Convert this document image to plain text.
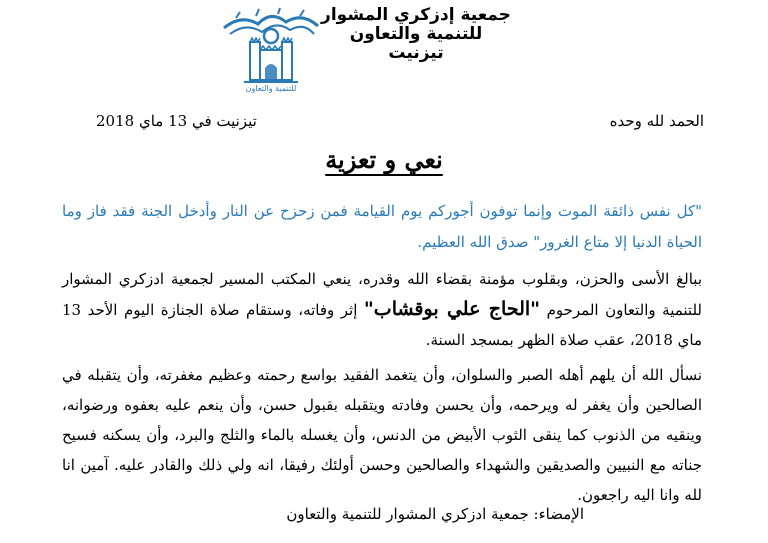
جمعية إدزكري المشوار
للتنمية والتعاون
تيزنيت
للتنمية والتعاون
الحمد لله وحده
تيزنيت في 13 ماي 2018
نعي و تعزية
"كل نفس ذائقة الموت وإنما توفون أجوركم يوم القيامة فمن زحزح عن النار وأدخل الجنة فقد فاز وما الحياة الدنيا إلا متاع الغرور" صدق الله العظيم.
ببالغ الأسى والحزن، وبقلوب مؤمنة بقضاء الله وقدره، ينعي المكتب المسير لجمعية ادزكري المشوار للتنمية والتعاون المرحوم "الحاج علي بوقشاب" إثر وفاته، وستقام صلاة الجنازة اليوم الأحد 13 ماي 2018، عقب صلاة الظهر بمسجد السنة.
نسأل الله أن يلهم أهله الصبر والسلوان، وأن يتغمد الفقيد بواسع رحمته وعظيم مغفرته، وأن يتقبله في الصالحين وأن يغفر له ويرحمه، وأن يحسن وفادته ويتقبله بقبول حسن، وأن ينعم عليه بعفوه ورضوانه، وينقيه من الذنوب كما ينقى الثوب الأبيض من الدنس، وأن يغسله بالماء والثلج والبرد، وأن يسكنه فسيح جناته مع النبيين والصديقين والشهداء والصالحين وحسن أولئك رفيقا، انه ولي ذلك والقادر عليه. آمين انا لله وانا اليه راجعون.
الإمضاء: جمعية ادزكري المشوار للتنمية والتعاون
